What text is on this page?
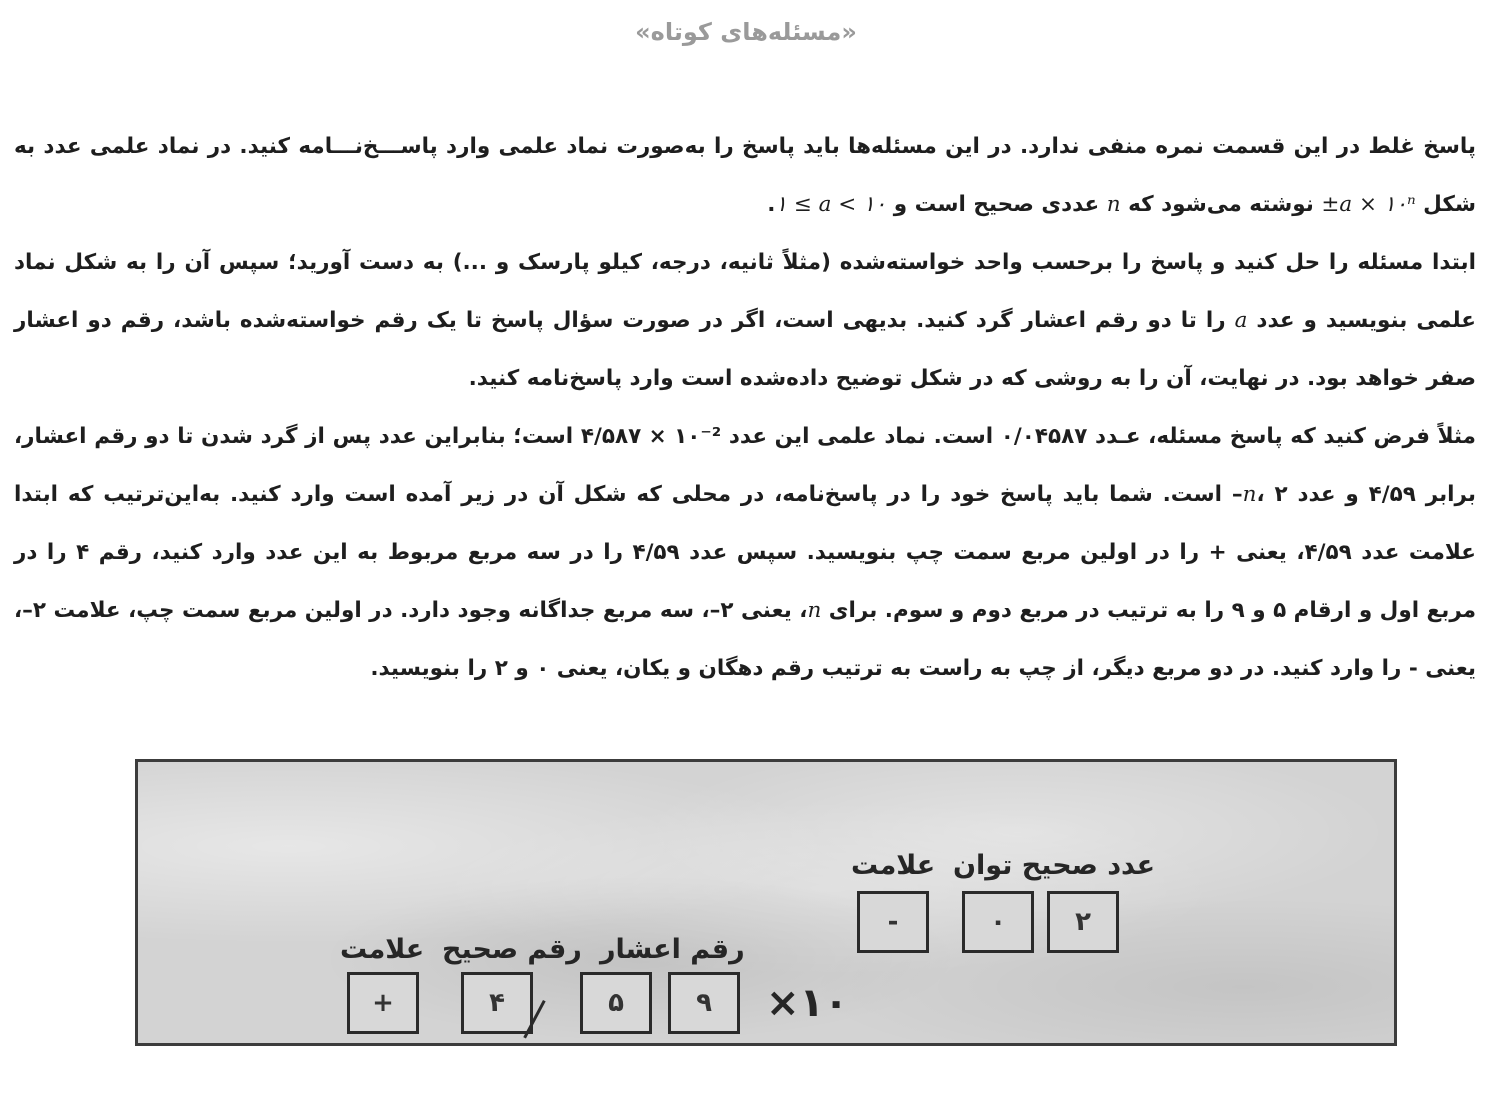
«مسئله‌های کوتاه»

پاسخ غلط در این قسمت نمره منفی ندارد. در این مسئله‌ها باید پاسخ را به‌صورت نماد علمی وارد پاســـخ‌نـــامه کنید. در نماد علمی عدد به شکل ±a × ۱۰ⁿ نوشته می‌شود که n عددی صحیح است و ۱ ≤ a < ۱۰.

ابتدا مسئله را حل کنید و پاسخ را برحسب واحد خواسته‌شده (مثلاً ثانیه، درجه، کیلو پارسک و ...) به دست آورید؛ سپس آن را به شکل نماد علمی بنویسید و عدد a را تا دو رقم اعشار گرد کنید. بدیهی است، اگر در صورت سؤال پاسخ تا یک رقم خواسته‌شده باشد، رقم دو اعشار صفر خواهد بود. در نهایت، آن را به روشی که در شکل توضیح داده‌شده است وارد پاسخ‌نامه کنید.

مثلاً فرض کنید که پاسخ مسئله، عـدد ۰/۰۴۵۸۷ است. نماد علمی این عدد ۴/۵۸۷ × ۱۰⁻² است؛ بنابراین عدد پس از گرد شدن تا دو رقم اعشار، برابر ۴/۵۹ و عدد n، ۲– است. شما باید پاسخ خود را در پاسخ‌نامه، در محلی که شکل آن در زیر آمده است وارد کنید. به‌این‌ترتیب که ابتدا علامت عدد ۴/۵۹، یعنی + را در اولین مربع سمت چپ بنویسید. سپس عدد ۴/۵۹ را در سه مربع مربوط به این عدد وارد کنید، رقم ۴ را در مربع اول و ارقام ۵ و ۹ را به ترتیب در مربع دوم و سوم. برای n، یعنی ۲–، سه مربع جداگانه وجود دارد. در اولین مربع سمت چپ، علامت ۲–، یعنی - را وارد کنید. در دو مربع دیگر، از چپ به راست به ترتیب رقم دهگان و یکان، یعنی ۰ و ۲ را بنویسید.

عدد صحیح توان
علامت
-	۰	۲
علامت رقم صحیح رقم اعشار
+	۴	۵	۹	×۱۰
